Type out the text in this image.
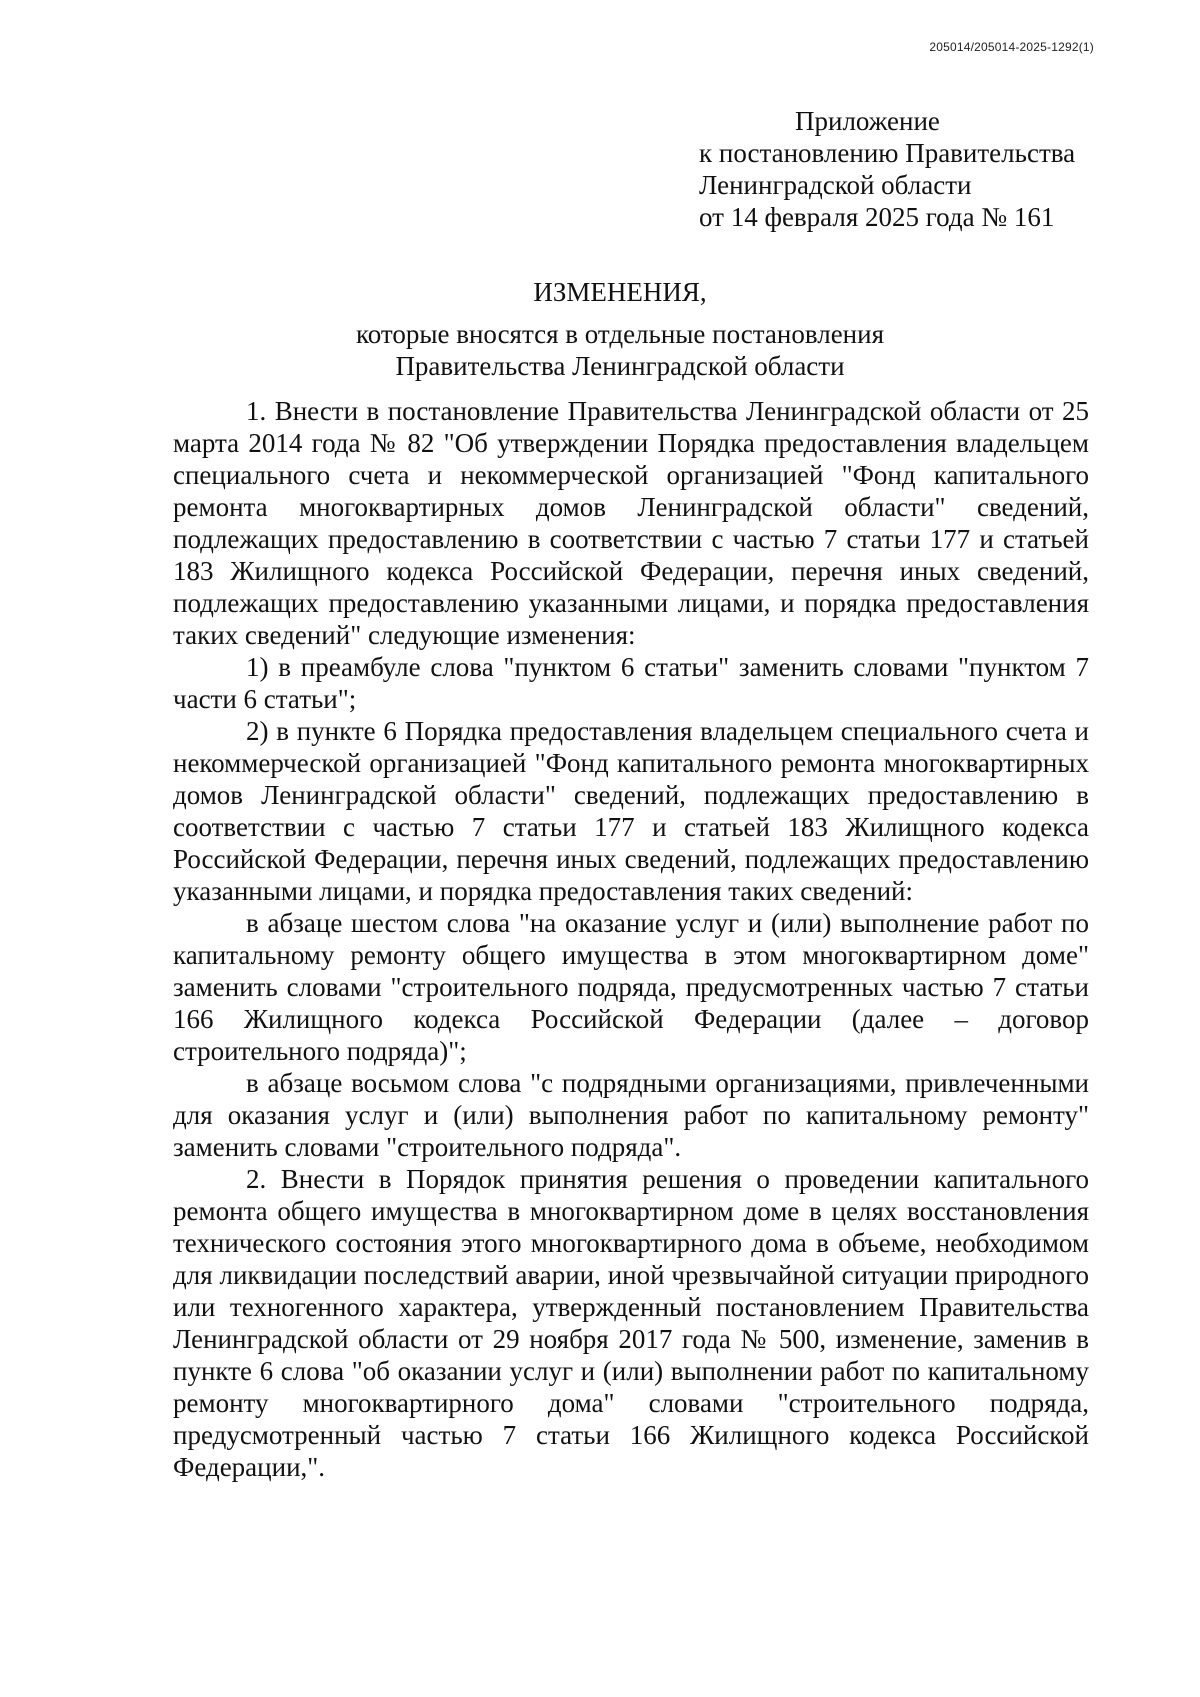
205014/205014-2025-1292(1)
Приложение
к постановлению Правительства
Ленинградской области
от 14 февраля 2025 года № 161
ИЗМЕНЕНИЯ,
которые вносятся в отдельные постановления
Правительства Ленинградской области

1. Внести в постановление Правительства Ленинградской области от 25 марта 2014 года № 82 "Об утверждении Порядка предоставления владельцем специального счета и некоммерческой организацией "Фонд капитального ремонта многоквартирных домов Ленинградской области" сведений, подлежащих предоставлению в соответствии с частью 7 статьи 177 и статьей 183 Жилищного кодекса Российской Федерации, перечня иных сведений, подлежащих предоставлению указанными лицами, и порядка предоставления таких сведений" следующие изменения:

1) в преамбуле слова "пунктом 6 статьи" заменить словами "пунктом 7 части 6 статьи";

2) в пункте 6 Порядка предоставления владельцем специального счета и некоммерческой организацией "Фонд капитального ремонта многоквартирных домов Ленинградской области" сведений, подлежащих предоставлению в соответствии с частью 7 статьи 177 и статьей 183 Жилищного кодекса Российской Федерации, перечня иных сведений, подлежащих предоставлению указанными лицами, и порядка предоставления таких сведений:

в абзаце шестом слова "на оказание услуг и (или) выполнение работ по капитальному ремонту общего имущества в этом многоквартирном доме" заменить словами "строительного подряда, предусмотренных частью 7 статьи 166 Жилищного кодекса Российской Федерации (далее – договор строительного подряда)";

в абзаце восьмом слова "с подрядными организациями, привлеченными для оказания услуг и (или) выполнения работ по капитальному ремонту" заменить словами "строительного подряда".

2. Внести в Порядок принятия решения о проведении капитального ремонта общего имущества в многоквартирном доме в целях восстановления технического состояния этого многоквартирного дома в объеме, необходимом для ликвидации последствий аварии, иной чрезвычайной ситуации природного или техногенного характера, утвержденный постановлением Правительства Ленинградской области от 29 ноября 2017 года № 500, изменение, заменив в пункте 6 слова "об оказании услуг и (или) выполнении работ по капитальному ремонту многоквартирного дома" словами "строительного подряда, предусмотренный частью 7 статьи 166 Жилищного кодекса Российской Федерации,".
